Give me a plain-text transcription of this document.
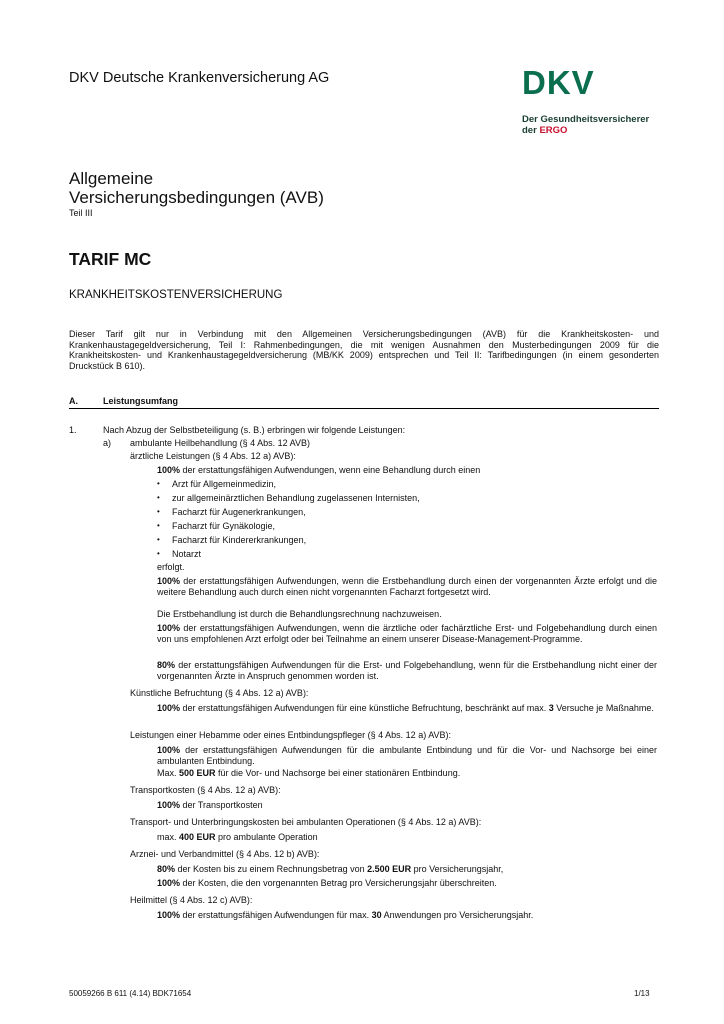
DKV Deutsche Krankenversicherung AG	DKV
Der Gesundheitsversicherer
der ERGO
Allgemeine
Versicherungsbedingungen (AVB)
Teil III
TARIF MC
KRANKHEITSKOSTENVERSICHERUNG
Dieser Tarif gilt nur in Verbindung mit den Allgemeinen Versicherungsbedingungen (AVB) für die Krankheitskosten- und Krankenhaustagegeldversicherung, Teil I: Rahmenbedingungen, die mit wenigen Ausnahmen den Musterbedingungen 2009 für die Krankheitskosten- und Krankenhaustagegeldversicherung (MB/KK 2009) entsprechen und Teil II: Tarifbedingungen (in einem gesonderten Druckstück B 610).
A.	Leistungsumfang
1.	Nach Abzug der Selbstbeteiligung (s. B.) erbringen wir folgende Leistungen:
a) ambulante Heilbehandlung (§ 4 Abs. 12 AVB)
ärztliche Leistungen (§ 4 Abs. 12 a) AVB):
100% der erstattungsfähigen Aufwendungen, wenn eine Behandlung durch einen
• Arzt für Allgemeinmedizin,
• zur allgemeinärztlichen Behandlung zugelassenen Internisten,
• Facharzt für Augenerkrankungen,
• Facharzt für Gynäkologie,
• Facharzt für Kindererkrankungen,
• Notarzt
erfolgt.
100% der erstattungsfähigen Aufwendungen, wenn die Erstbehandlung durch einen der vorgenannten Ärzte erfolgt und die weitere Behandlung auch durch einen nicht vorgenannten Facharzt fortgesetzt wird.
Die Erstbehandlung ist durch die Behandlungsrechnung nachzuweisen.
100% der erstattungsfähigen Aufwendungen, wenn die ärztliche oder fachärztliche Erst- und Folgebehandlung durch einen von uns empfohlenen Arzt erfolgt oder bei Teilnahme an einem unserer Disease-Management-Programme.
80% der erstattungsfähigen Aufwendungen für die Erst- und Folgebehandlung, wenn für die Erstbehandlung nicht einer der vorgenannten Ärzte in Anspruch genommen worden ist.
Künstliche Befruchtung (§ 4 Abs. 12 a) AVB):
100% der erstattungsfähigen Aufwendungen für eine künstliche Befruchtung, beschränkt auf max. 3 Versuche je Maßnahme.
Leistungen einer Hebamme oder eines Entbindungspfleger (§ 4 Abs. 12 a) AVB):
100% der erstattungsfähigen Aufwendungen für die ambulante Entbindung und für die Vor- und Nachsorge bei einer ambulanten Entbindung.
Max. 500 EUR für die Vor- und Nachsorge bei einer stationären Entbindung.
Transportkosten (§ 4 Abs. 12 a) AVB):
100% der Transportkosten
Transport- und Unterbringungskosten bei ambulanten Operationen (§ 4 Abs. 12 a) AVB):
max. 400 EUR pro ambulante Operation
Arznei- und Verbandmittel (§ 4 Abs. 12 b) AVB):
80% der Kosten bis zu einem Rechnungsbetrag von 2.500 EUR pro Versicherungsjahr,
100% der Kosten, die den vorgenannten Betrag pro Versicherungsjahr überschreiten.
Heilmittel (§ 4 Abs. 12 c) AVB):
100% der erstattungsfähigen Aufwendungen für max. 30 Anwendungen pro Versicherungsjahr.
50059266 B 611 (4.14) BDK71654	1/13
